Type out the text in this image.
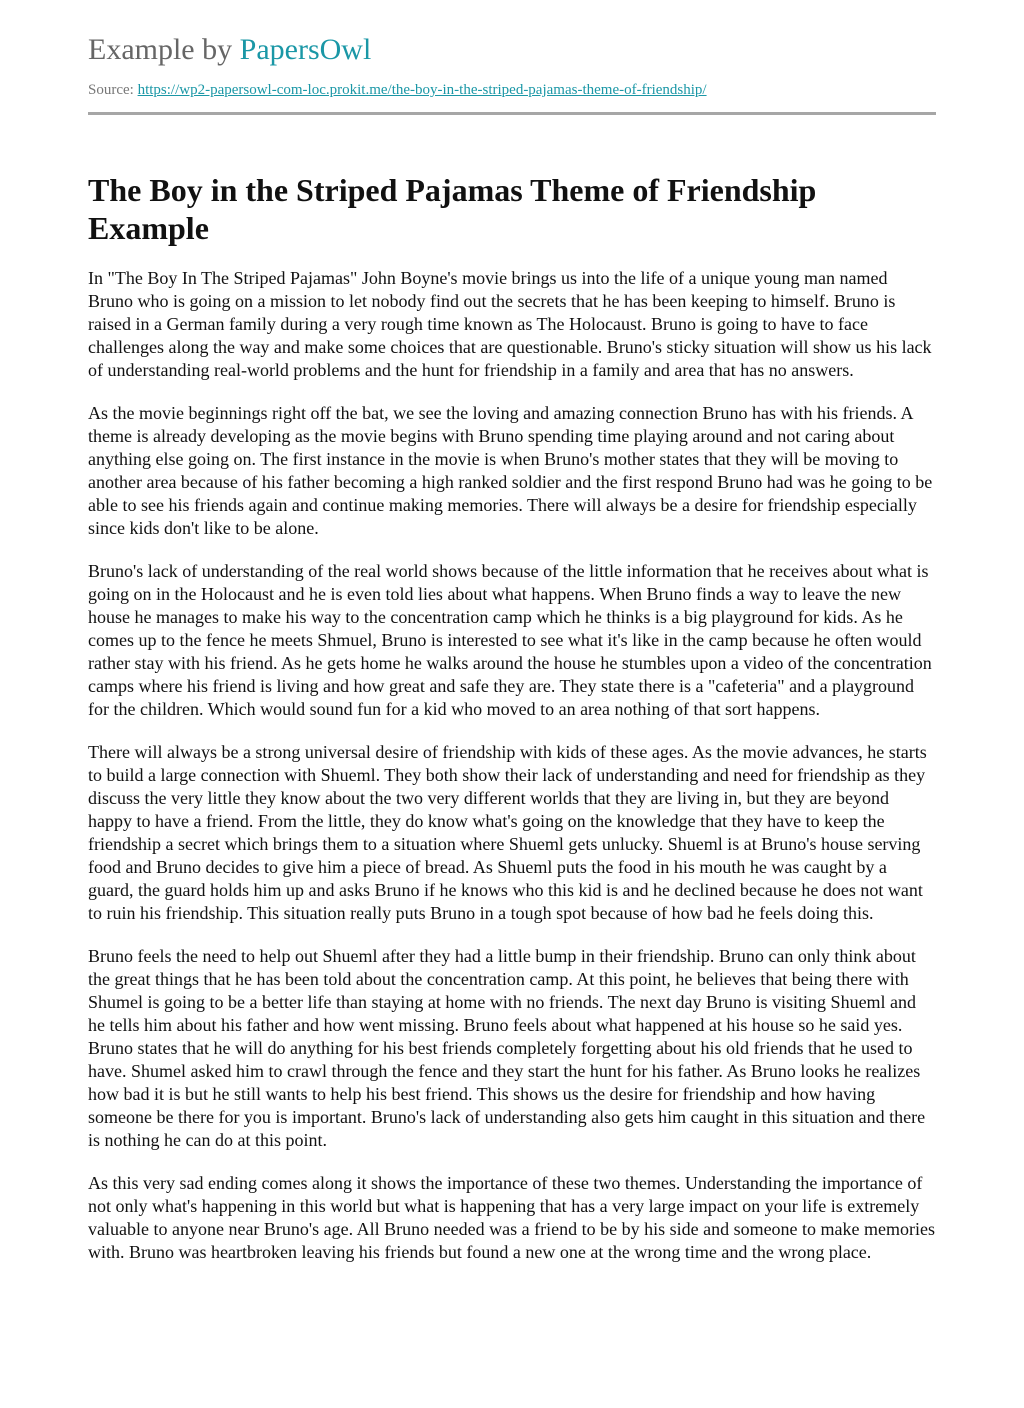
Example by PapersOwl
Source: https://wp2-papersowl-com-loc.prokit.me/the-boy-in-the-striped-pajamas-theme-of-friendship/
The Boy in the Striped Pajamas Theme of Friendship Example

In "The Boy In The Striped Pajamas" John Boyne's movie brings us into the life of a unique young man named Bruno who is going on a mission to let nobody find out the secrets that he has been keeping to himself. Bruno is raised in a German family during a very rough time known as The Holocaust. Bruno is going to have to face challenges along the way and make some choices that are questionable. Bruno's sticky situation will show us his lack of understanding real-world problems and the hunt for friendship in a family and area that has no answers.

As the movie beginnings right off the bat, we see the loving and amazing connection Bruno has with his friends. A theme is already developing as the movie begins with Bruno spending time playing around and not caring about anything else going on. The first instance in the movie is when Bruno's mother states that they will be moving to another area because of his father becoming a high ranked soldier and the first respond Bruno had was he going to be able to see his friends again and continue making memories. There will always be a desire for friendship especially since kids don't like to be alone.

Bruno's lack of understanding of the real world shows because of the little information that he receives about what is going on in the Holocaust and he is even told lies about what happens. When Bruno finds a way to leave the new house he manages to make his way to the concentration camp which he thinks is a big playground for kids. As he comes up to the fence he meets Shmuel, Bruno is interested to see what it's like in the camp because he often would rather stay with his friend. As he gets home he walks around the house he stumbles upon a video of the concentration camps where his friend is living and how great and safe they are. They state there is a "cafeteria" and a playground for the children. Which would sound fun for a kid who moved to an area nothing of that sort happens.

There will always be a strong universal desire of friendship with kids of these ages. As the movie advances, he starts to build a large connection with Shueml. They both show their lack of understanding and need for friendship as they discuss the very little they know about the two very different worlds that they are living in, but they are beyond happy to have a friend. From the little, they do know what's going on the knowledge that they have to keep the friendship a secret which brings them to a situation where Shueml gets unlucky. Shueml is at Bruno's house serving food and Bruno decides to give him a piece of bread. As Shueml puts the food in his mouth he was caught by a guard, the guard holds him up and asks Bruno if he knows who this kid is and he declined because he does not want to ruin his friendship. This situation really puts Bruno in a tough spot because of how bad he feels doing this.

Bruno feels the need to help out Shueml after they had a little bump in their friendship. Bruno can only think about the great things that he has been told about the concentration camp. At this point, he believes that being there with Shumel is going to be a better life than staying at home with no friends. The next day Bruno is visiting Shueml and he tells him about his father and how went missing. Bruno feels about what happened at his house so he said yes. Bruno states that he will do anything for his best friends completely forgetting about his old friends that he used to have. Shumel asked him to crawl through the fence and they start the hunt for his father. As Bruno looks he realizes how bad it is but he still wants to help his best friend. This shows us the desire for friendship and how having someone be there for you is important. Bruno's lack of understanding also gets him caught in this situation and there is nothing he can do at this point.

As this very sad ending comes along it shows the importance of these two themes. Understanding the importance of not only what's happening in this world but what is happening that has a very large impact on your life is extremely valuable to anyone near Bruno's age. All Bruno needed was a friend to be by his side and someone to make memories with. Bruno was heartbroken leaving his friends but found a new one at the wrong time and the wrong place.
